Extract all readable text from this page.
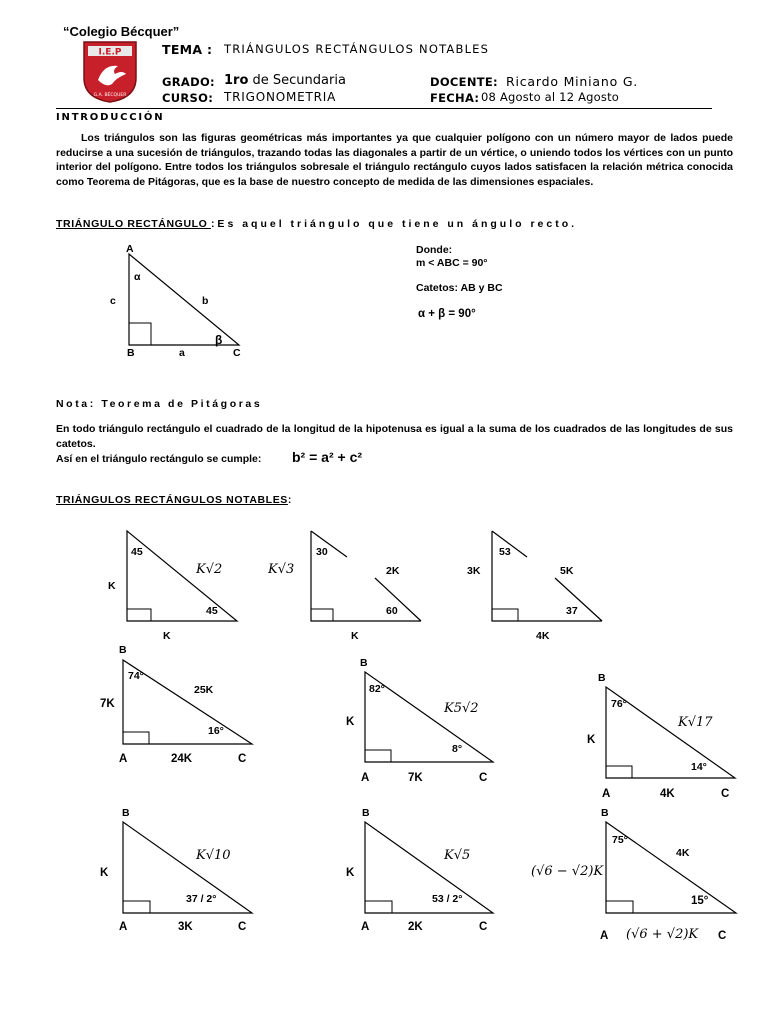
“Colegio Bécquer”
I.E.P
G.A. BÉCQUER
TEMA : TRIÁNGULOS RECTÁNGULOS NOTABLES
GRADO: 1ro de Secundaria
CURSO: TRIGONOMETRIA
DOCENTE: Ricardo Miniano G.
FECHA: 08 Agosto al 12 Agosto
INTRODUCCIÓN
Los triángulos son las figuras geométricas más importantes ya que cualquier polígono con un número mayor de lados puede reducirse a una sucesión de triángulos, trazando todas las diagonales a partir de un vértice, o uniendo todos los vértices con un punto interior del polígono. Entre todos los triángulos sobresale el triángulo rectángulo cuyos lados satisfacen la relación métrica conocida como Teorema de Pitágoras, que es la base de nuestro concepto de medida de las dimensiones espaciales.
TRIÁNGULO RECTÁNGULO :Es aquel triángulo que tiene un ángulo recto.
A
α
c	b
β
B	a	C
Donde:
m < ABC = 90°
Catetos: AB y BC
α + β = 90°
Nota: Teorema de Pitágoras
En todo triángulo rectángulo el cuadrado de la longitud de la hipotenusa es igual a la suma de los cuadrados de las longitudes de sus catetos.
Así en el triángulo rectángulo se cumple: b² = a² + c²
TRIÁNGULOS RECTÁNGULOS NOTABLES:
45
K√2
K
45
K
30
K√3	2K
60
K
53
3K	5K
37
4K
B
74°
25K
7K
16°
A	24K	C
B
82°
K5√2
K
8°
A	7K	C
B
76°
K√17
K
14°
A	4K	C
B
K√10
K
37 / 2°
A	3K	C
B
K√5
K
53 / 2°
A	2K	C
B
75°
4K
(√6 − √2)K
15°
A (√6 + √2)K C
